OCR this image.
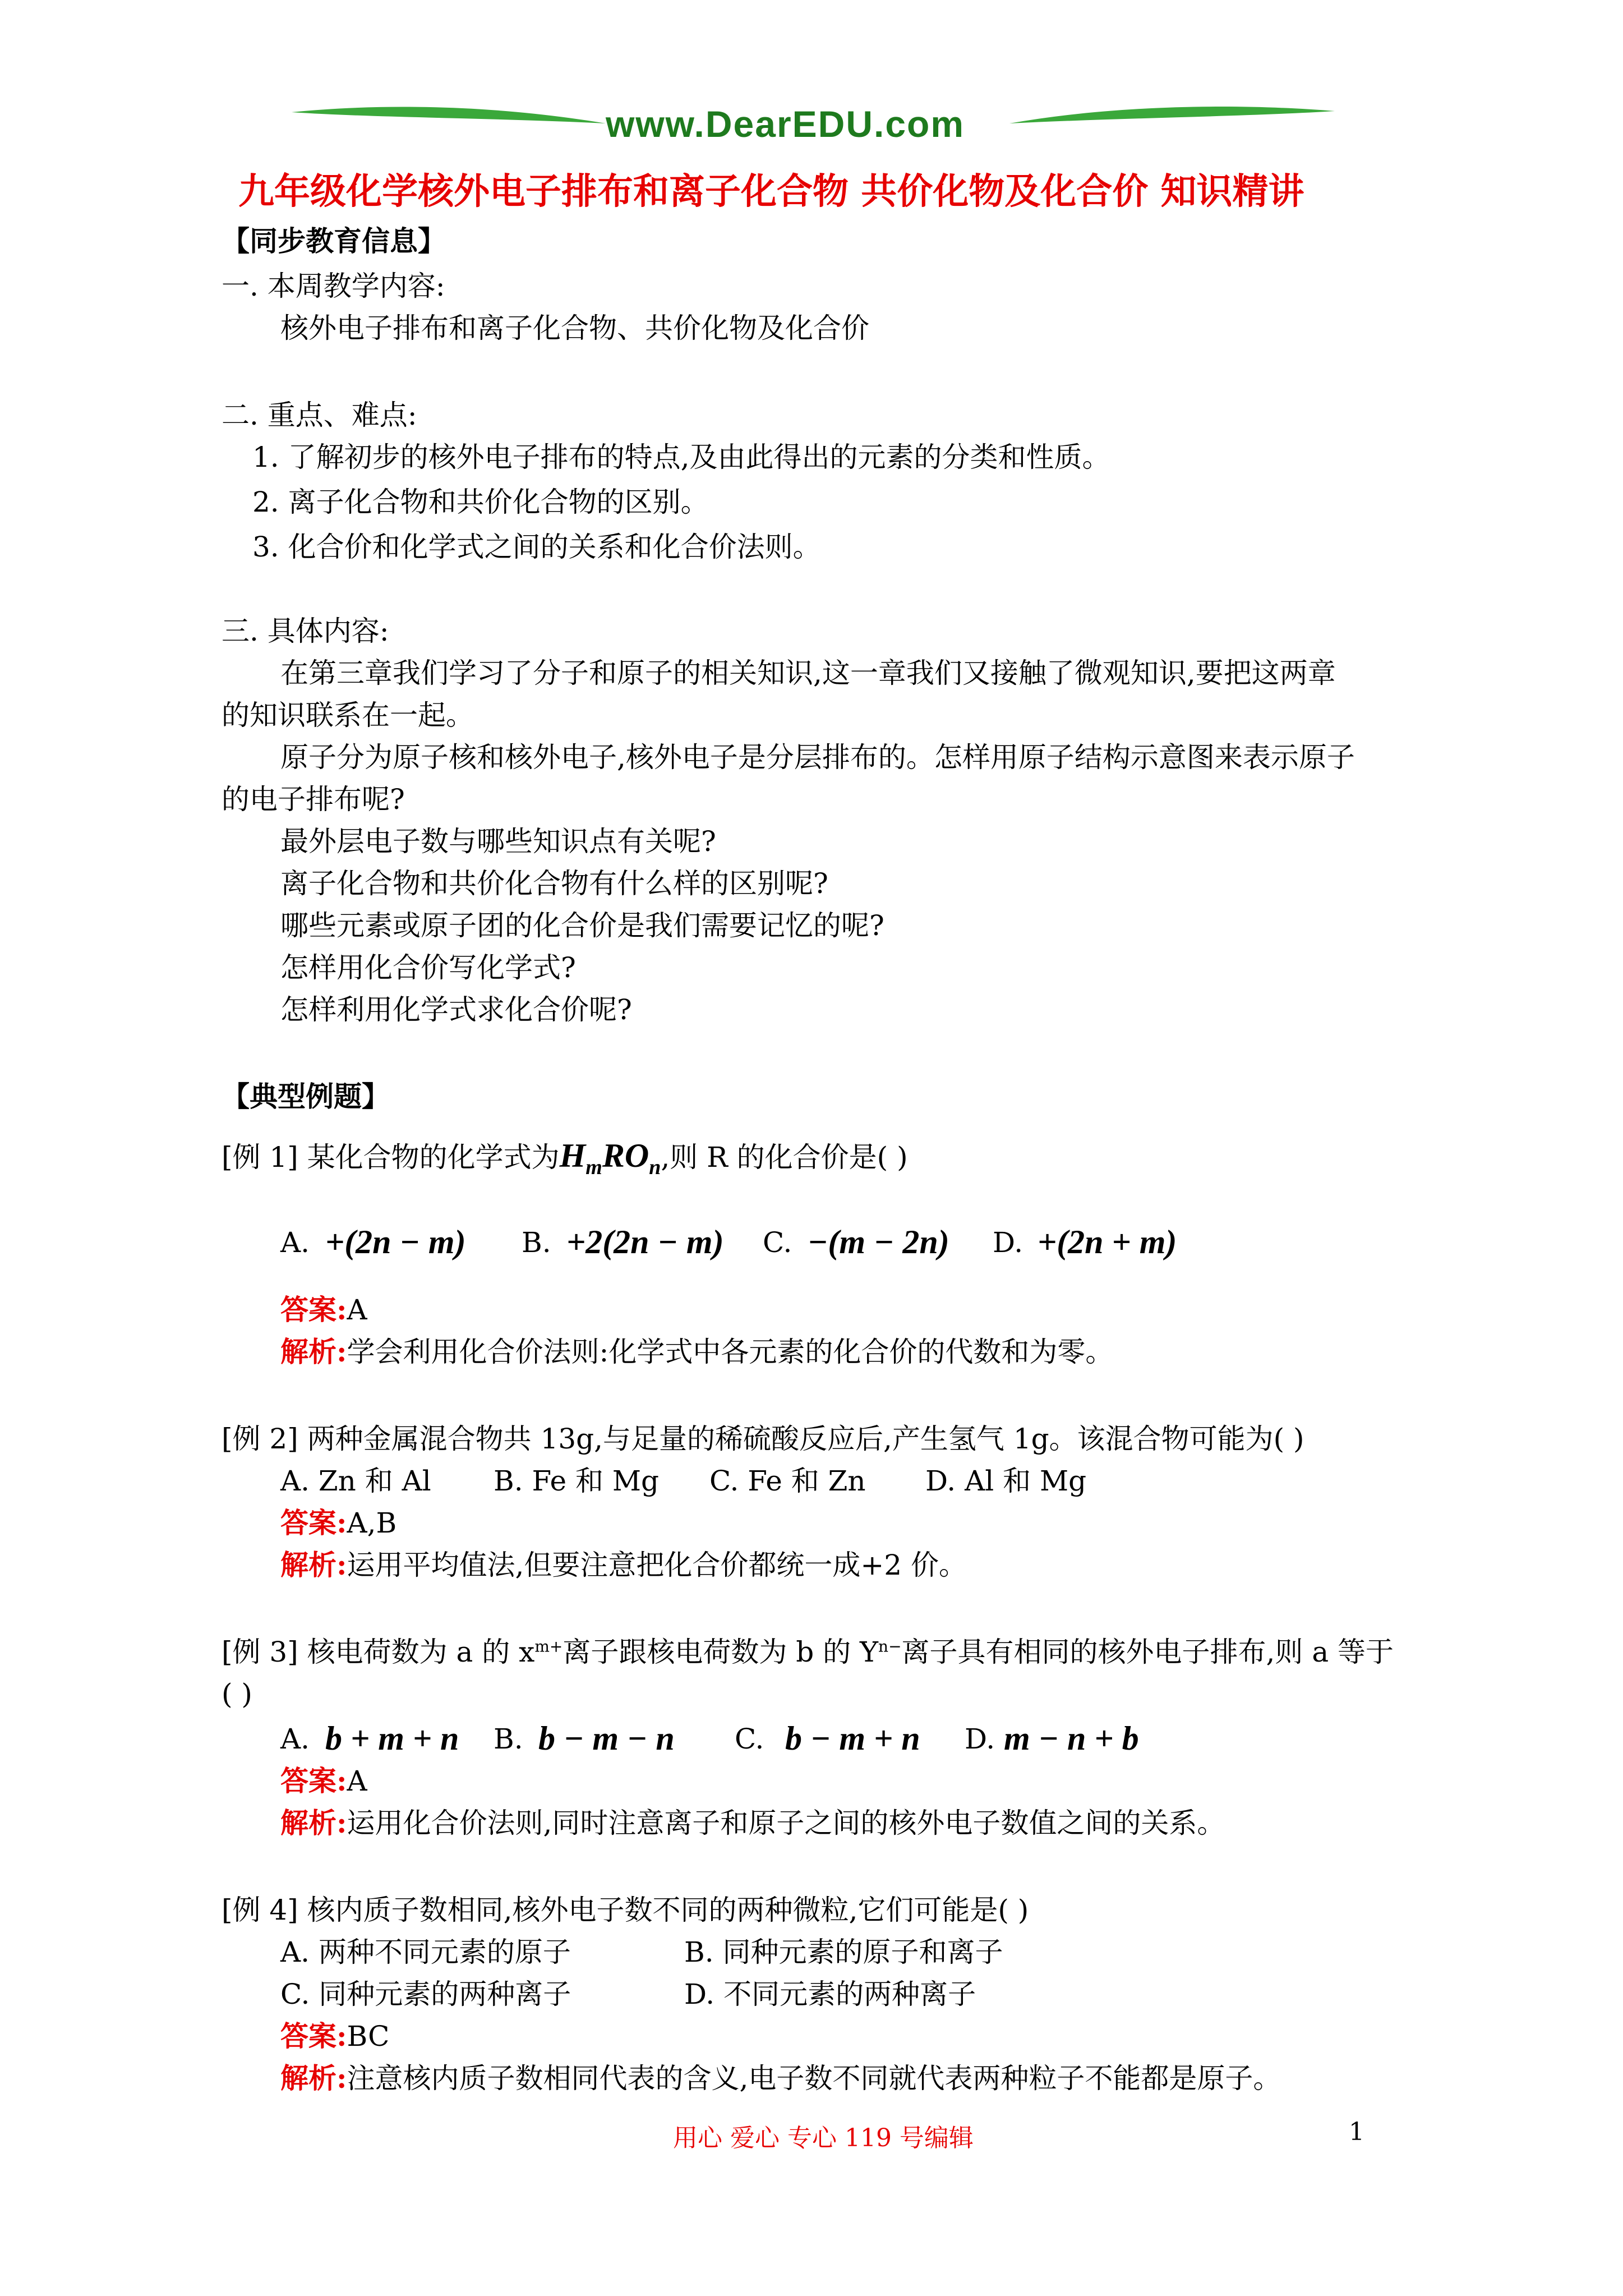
www.DearEDU.com
九年级化学核外电子排布和离子化合物 共价化物及化合价 知识精讲
【同步教育信息】
一. 本周教学内容:
核外电子排布和离子化合物、共价化物及化合价
二. 重点、难点:
1. 了解初步的核外电子排布的特点,及由此得出的元素的分类和性质。
2. 离子化合物和共价化合物的区别。
3. 化合价和化学式之间的关系和化合价法则。
三. 具体内容:
在第三章我们学习了分子和原子的相关知识,这一章我们又接触了微观知识,要把这两章
的知识联系在一起。
原子分为原子核和核外电子,核外电子是分层排布的。怎样用原子结构示意图来表示原子
的电子排布呢?
最外层电子数与哪些知识点有关呢?
离子化合物和共价化合物有什么样的区别呢?
哪些元素或原子团的化合价是我们需要记忆的呢?
怎样用化合价写化学式?
怎样利用化学式求化合价呢?
【典型例题】
[例 1] 某化合物的化学式为$H_mRO_n$,则 R 的化合价是( )
A. +(2n − m) B. +2(2n − m) C. −(m − 2n) D. +(2n + m)
答案:A
解析:学会利用化合价法则:化学式中各元素的化合价的代数和为零。
[例 2] 两种金属混合物共 13g,与足量的稀硫酸反应后,产生氢气 1g。该混合物可能为( )
A. Zn 和 Al B. Fe 和 Mg C. Fe 和 Zn D. Al 和 Mg
答案:A,B
解析:运用平均值法,但要注意把化合价都统一成+2 价。
[例 3] 核电荷数为 a 的 $x^{m+}$离子跟核电荷数为 b 的 $Y^{n-}$离子具有相同的核外电子排布,则 a 等于
( )
A. b + m + n B. b − m − n C. b − m + n D. m − n + b
答案:A
解析:运用化合价法则,同时注意离子和原子之间的核外电子数值之间的关系。
[例 4] 核内质子数相同,核外电子数不同的两种微粒,它们可能是( )
A. 两种不同元素的原子	B. 同种元素的原子和离子
C. 同种元素的两种离子	D. 不同元素的两种离子
答案:BC
解析:注意核内质子数相同代表的含义,电子数不同就代表两种粒子不能都是原子。
用心 爱心 专心 119 号编辑	1
